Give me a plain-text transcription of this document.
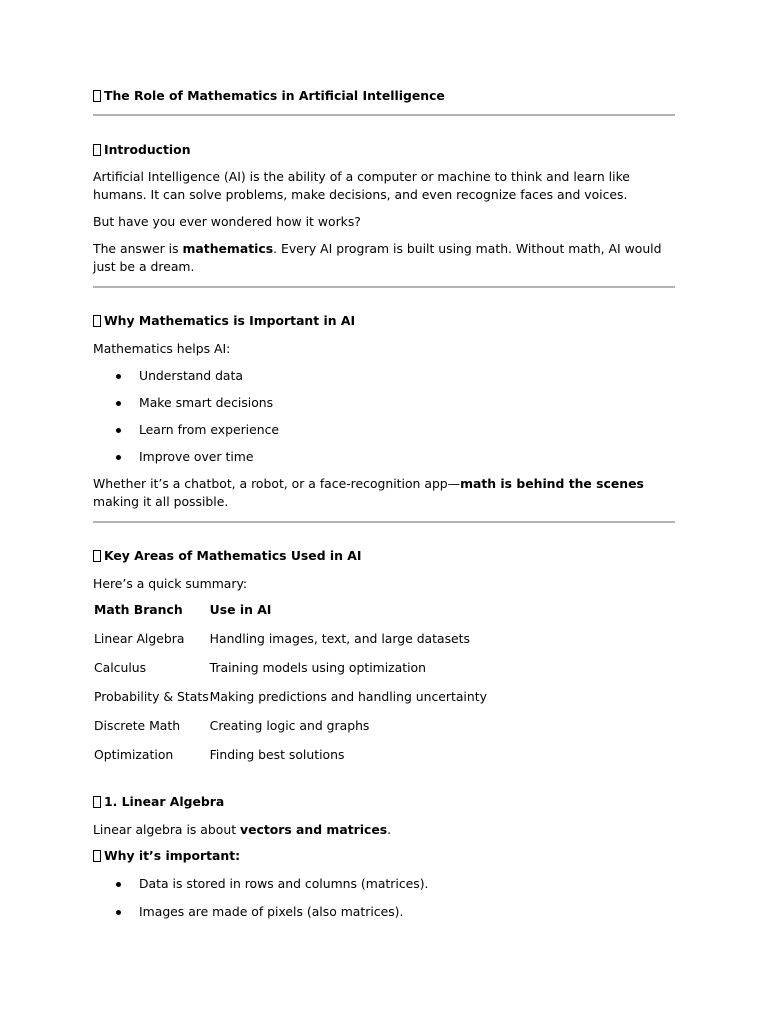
The Role of Mathematics in Artificial Intelligence

Introduction

Artificial Intelligence (AI) is the ability of a computer or machine to think and learn like humans. It can solve problems, make decisions, and even recognize faces and voices.

But have you ever wondered how it works?

The answer is mathematics. Every AI program is built using math. Without math, AI would just be a dream.

Why Mathematics is Important in AI

Mathematics helps AI:

Understand data
Make smart decisions
Learn from experience
Improve over time

Whether it’s a chatbot, a robot, or a face-recognition app—math is behind the scenes making it all possible.

Key Areas of Mathematics Used in AI

Here’s a quick summary:

Math Branch	Use in AI
Linear Algebra	Handling images, text, and large datasets
Calculus	Training models using optimization
Probability & Stats	Making predictions and handling uncertainty
Discrete Math	Creating logic and graphs
Optimization	Finding best solutions

1. Linear Algebra

Linear algebra is about vectors and matrices.

Why it’s important:

Data is stored in rows and columns (matrices).
Images are made of pixels (also matrices).
